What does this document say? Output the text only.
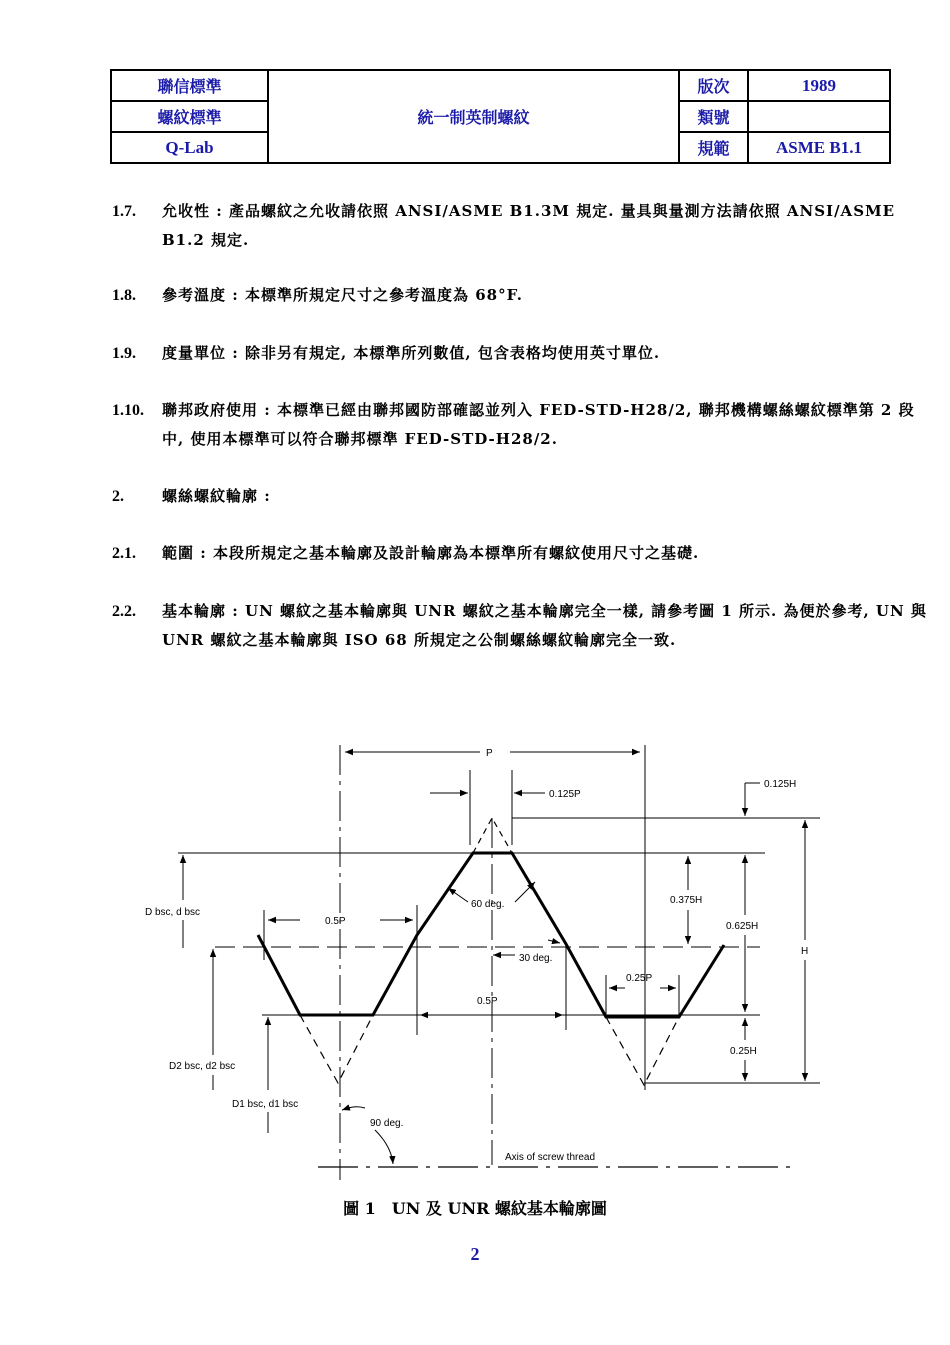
聯信標準	統一制英制螺紋	版次	1989
螺紋標準		類號	
Q-Lab		規範	ASME B1.1
1.7. 允收性 : 產品螺紋之允收請依照 ANSI/ASME B1.3M 規定. 量具與量測方法請依照 ANSI/ASME B1.2 規定.
1.8. 參考溫度 : 本標準所規定尺寸之參考溫度為 68°F.
1.9. 度量單位 : 除非另有規定, 本標準所列數值, 包含表格均使用英寸單位.
1.10. 聯邦政府使用 : 本標準已經由聯邦國防部確認並列入 FED-STD-H28/2, 聯邦機構螺絲螺紋標準第 2 段中, 使用本標準可以符合聯邦標準 FED-STD-H28/2.
2.	螺絲螺紋輪廓 :
2.1. 範圍 : 本段所規定之基本輪廓及設計輪廓為本標準所有螺紋使用尺寸之基礎.
2.2. 基本輪廓 : UN 螺紋之基本輪廓與 UNR 螺紋之基本輪廓完全一樣, 請參考圖 1 所示. 為便於參考, UN 與 UNR 螺紋之基本輪廓與 ISO 68 所規定之公制螺絲螺紋輪廓完全一致.
P
0.125P
0.125H
H
0.375H
0.625H
0.25H
60 deg.
30 deg.
90 deg.
0.5P
0.5P
0.25P
D bsc, d bsc
D2 bsc, d2 bsc
D1 bsc, d1 bsc
Axis of screw thread
圖 1　UN 及 UNR 螺紋基本輪廓圖
2
